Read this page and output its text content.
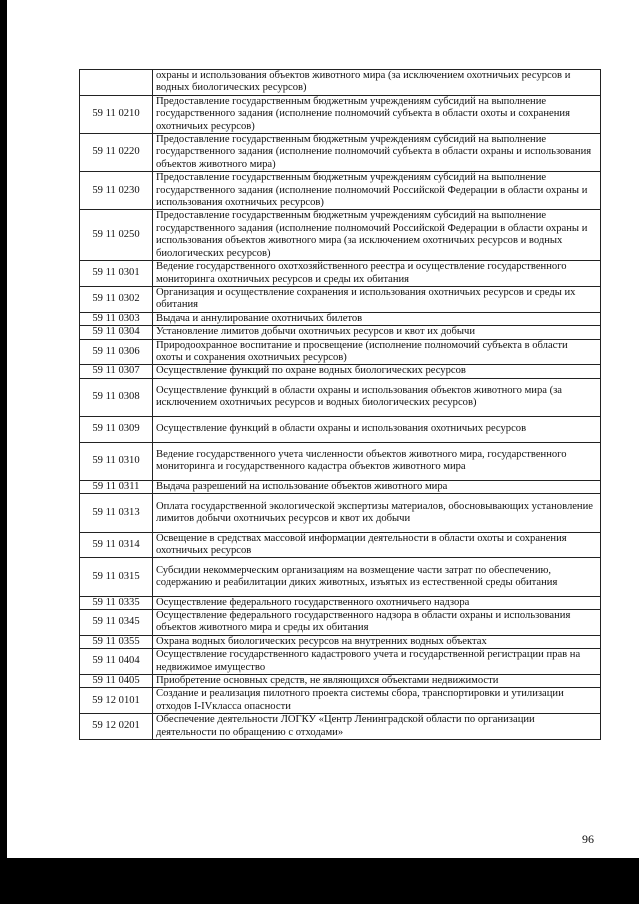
	охраны и использования объектов животного мира (за исключением охотничьих ресурсов и водных биологических ресурсов)
59 11 0210	Предоставление государственным бюджетным учреждениям субсидий на выполнение государственного задания (исполнение полномочий субъекта в области охоты и сохранения охотничьих ресурсов)
59 11 0220	Предоставление государственным бюджетным учреждениям субсидий на выполнение государственного задания (исполнение полномочий субъекта в области охраны и использования объектов животного мира)
59 11 0230	Предоставление государственным бюджетным учреждениям субсидий на выполнение государственного задания (исполнение полномочий Российской Федерации в области охраны и использования охотничьих ресурсов)
59 11 0250	Предоставление государственным бюджетным учреждениям субсидий на выполнение государственного задания (исполнение полномочий Российской Федерации в области охраны и использования объектов животного мира (за исключением охотничьих ресурсов и водных биологических ресурсов)
59 11 0301	Ведение государственного охотхозяйственного реестра и осуществление государственного мониторинга охотничьих ресурсов и среды их обитания
59 11 0302	Организация и осуществление сохранения и использования охотничьих ресурсов и среды их обитания
59 11 0303	Выдача и аннулирование охотничьих билетов
59 11 0304	Установление лимитов добычи охотничьих ресурсов и квот их добычи
59 11 0306	Природоохранное воспитание и просвещение (исполнение полномочий субъекта в области охоты и сохранения охотничьих ресурсов)
59 11 0307	Осуществление функций по охране водных биологических ресурсов
59 11 0308	Осуществление функций в области охраны и использования объектов животного мира (за исключением охотничьих ресурсов и водных биологических ресурсов)
59 11 0309	Осуществление функций в области охраны и использования охотничьих ресурсов
59 11 0310	Ведение государственного учета численности объектов животного мира, государственного мониторинга и государственного кадастра объектов животного мира
59 11 0311	Выдача разрешений на использование объектов животного мира
59 11 0313	Оплата государственной экологической экспертизы материалов, обосновывающих установление лимитов добычи охотничьих ресурсов и квот их добычи
59 11 0314	Освещение в средствах массовой информации деятельности в области охоты и сохранения охотничьих ресурсов
59 11 0315	Субсидии некоммерческим организациям на возмещение части затрат по обеспечению, содержанию и реабилитации диких животных, изъятых из естественной среды обитания
59 11 0335	Осуществление федерального государственного охотничьего надзора
59 11 0345	Осуществление федерального государственного надзора в области охраны и использования объектов животного мира и среды их обитания
59 11 0355	Охрана водных биологических ресурсов на внутренних водных объектах
59 11 0404	Осуществление государственного кадастрового учета и государственной регистрации прав на недвижимое имущество
59 11 0405	Приобретение основных средств, не являющихся объектами недвижимости
59 12 0101	Создание и реализация пилотного проекта системы сбора, транспортировки и утилизации отходов I-IVкласса опасности
59 12 0201	Обеспечение деятельности ЛОГКУ «Центр Ленинградской области по организации деятельности по обращению с отходами»
96
